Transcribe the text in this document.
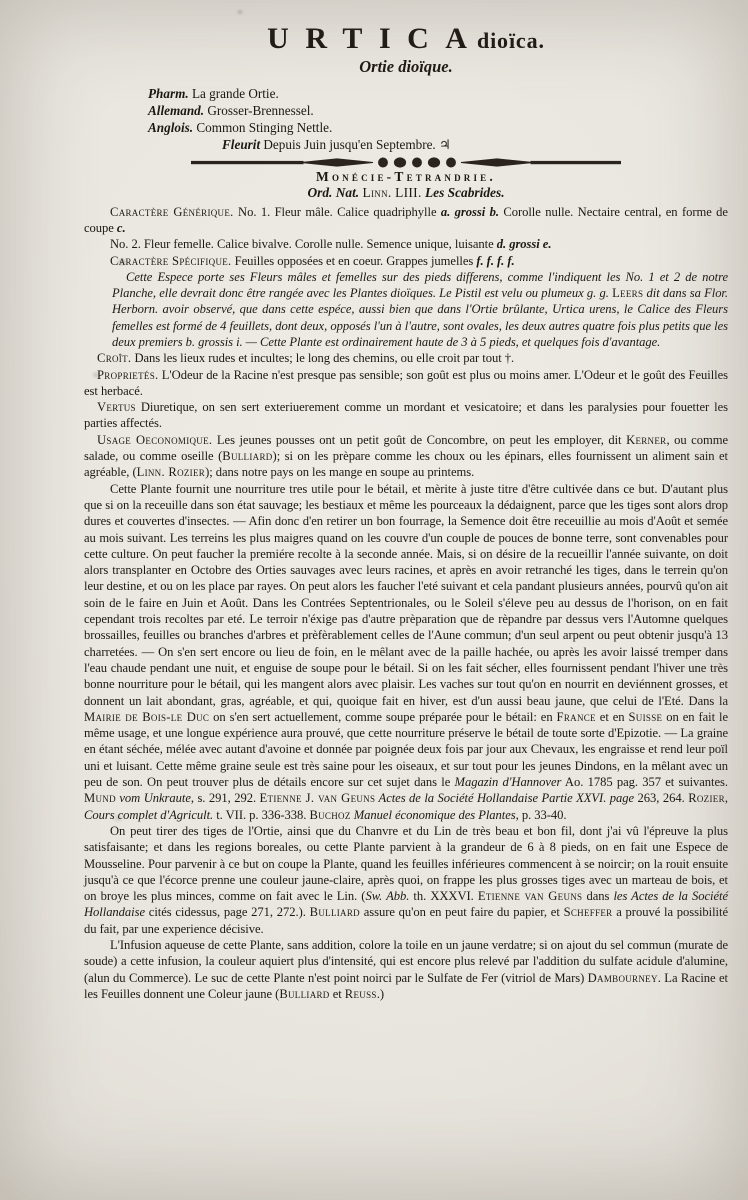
URTICA dioïca.
Ortie dioïque.
Pharm. La grande Ortie.
Allemand. Grosser-Brennessel.
Anglois. Common Stinging Nettle.
Fleurit Depuis Juin jusqu'en Septembre. ♃
Monécie-Tetrandrie.
Ord. Nat. Linn. LIII. Les Scabrides.

Caractère Générique. No. 1. Fleur mâle. Calice quadriphylle a. grossi b. Corolle nulle. Nectaire central, en forme de coupe c.

No. 2. Fleur femelle. Calice bivalve. Corolle nulle. Semence unique, luisante d. grossi e.

Caractère Spécifique. Feuilles opposées et en coeur. Grappes jumelles f. f. f. f.

Cette Espece porte ses Fleurs mâles et femelles sur des pieds differens, comme l'indiquent les No. 1 et 2 de notre Planche, elle devrait donc être rangée avec les Plantes dioïques. Le Pistil est velu ou plumeux g. g. Leers dit dans sa Flor. Herborn. avoir observé, que dans cette espéce, aussi bien que dans l'Ortie brûlante, Urtica urens, le Calice des Fleurs femelles est formé de 4 feuillets, dont deux, opposés l'un à l'autre, sont ovales, les deux autres quatre fois plus petits que les deux premiers b. grossis i. — Cette Plante est ordinairement haute de 3 à 5 pieds, et quelques fois d'avantage.

Croît. Dans les lieux rudes et incultes; le long des chemins, ou elle croit par tout †.

Proprietés. L'Odeur de la Racine n'est presque pas sensible; son goût est plus ou moins amer. L'Odeur et le goût des Feuilles est herbacé.

Vertus Diuretique, on sen sert exteriuerement comme un mordant et vesicatoire; et dans les paralysies pour fouetter les parties affectés.

Usage Oeconomique. Les jeunes pousses ont un petit goût de Concombre, on peut les employer, dit Kerner, ou comme salade, ou comme oseille (Bulliard); si on les prèpare comme les choux ou les épinars, elles fournissent un aliment sain et agréable, (Linn. Rozier); dans notre pays on les mange en soupe au printems.

Cette Plante fournit une nourriture tres utile pour le bétail, et mèrite à juste titre d'être cultivée dans ce but. D'autant plus que si on la receuille dans son état sauvage; les bestiaux et même les pourceaux la dédaignent, parce que les tiges sont alors drop dures et couvertes d'insectes. — Afin donc d'en retirer un bon fourrage, la Semence doit être receuillie au mois d'Août et semée au mois suivant. Les terreins les plus maigres quand on les couvre d'un couple de pouces de bonne terre, sont convenables pour cette culture. On peut faucher la premiére recolte à la seconde année. Mais, si on désire de la recueillir l'année suivante, on doit alors transplanter en Octobre des Orties sauvages avec leurs racines, et après en avoir retranché les tiges, dans le terrein qu'on leur destine, et ou on les place par rayes. On peut alors les faucher l'eté suivant et cela pandant plusieurs années, pourvû qu'on ait soin de le faire en Juin et Août. Dans les Contrées Septentrionales, ou le Soleil s'éleve peu au dessus de l'horison, on en fait cependant trois recoltes par eté. Le terroir n'éxige pas d'autre prèparation que de rèpandre par dessus vers l'Automne quelques brossailles, feuilles ou branches d'arbres et prèfèrablement celles de l'Aune commun; d'un seul arpent ou peut obtenir jusqu'à 13 charretées. — On s'en sert encore ou lieu de foin, en le mêlant avec de la paille hachée, ou après les avoir laissé tremper dans l'eau chaude pendant une nuit, et enguise de soupe pour le bétail. Si on les fait sécher, elles fournissent pendant l'hiver une très bonne nourriture pour le bétail, qui les mangent alors avec plaisir. Les vaches sur tout qu'on en nourrit en deviénnent grosses, et donnent un lait abondant, gras, agréable, et qui, quoique fait en hiver, est d'un aussi beau jaune, que celui de l'Eté. Dans la Mairie de Bois-le Duc on s'en sert actuellement, comme soupe préparée pour le bétail: en France et en Suisse on en fait le même usage, et une longue expérience aura prouvé, que cette nourriture préserve le bétail de toute sorte d'Epizotie. — La graine en étant séchée, mélée avec autant d'avoine et donnée par poignée deux fois par jour aux Chevaux, les engraisse et rend leur poïl uni et luisant. Cette même graine seule est très saine pour les oiseaux, et sur tout pour les jeunes Dindons, en la mêlant avec un peu de son. On peut trouver plus de détails encore sur cet sujet dans le Magazin d'Hannover Ao. 1785 pag. 357 et suivantes. Mund vom Unkraute, s. 291, 292. Etienne J. van Geuns Actes de la Société Hollandaise Partie XXVI. page 263, 264. Rozier, Cours complet d'Agricult. t. VII. p. 336-338. Buchoz Manuel économique des Plantes, p. 33-40.

On peut tirer des tiges de l'Ortie, ainsi que du Chanvre et du Lin de très beau et bon fil, dont j'ai vû l'épreuve la plus satisfaisante; et dans les regions boreales, ou cette Plante parvient à la grandeur de 6 à 8 pieds, on en fait une Espece de Mousseline. Pour parvenir à ce but on coupe la Plante, quand les feuilles inférieures commencent à se noircir; on la rouit ensuite jusqu'à ce que l'écorce prenne une couleur jaune-claire, après quoi, on frappe les plus grosses tiges avec un marteau de bois, et on broye les plus minces, comme on fait avec le Lin. (Sw. Abb. th. XXXVI. Etienne van Geuns dans les Actes de la Société Hollandaise cités cidessus, page 271, 272.). Bulliard assure qu'on en peut faire du papier, et Scheffer a prouvé la possibilité du fait, par une experience décisive.

L'Infusion aqueuse de cette Plante, sans addition, colore la toile en un jaune verdatre; si on ajout du sel commun (murate de soude) a cette infusion, la couleur aquiert plus d'intensité, qui est encore plus relevé par l'addition du sulfate acidule d'alumine, (alun du Commerce). Le suc de cette Plante n'est point noirci par le Sulfate de Fer (vitriol de Mars) Dambourney. La Racine et les Feuilles donnent une Coleur jaune (Bulliard et Reuss.)
